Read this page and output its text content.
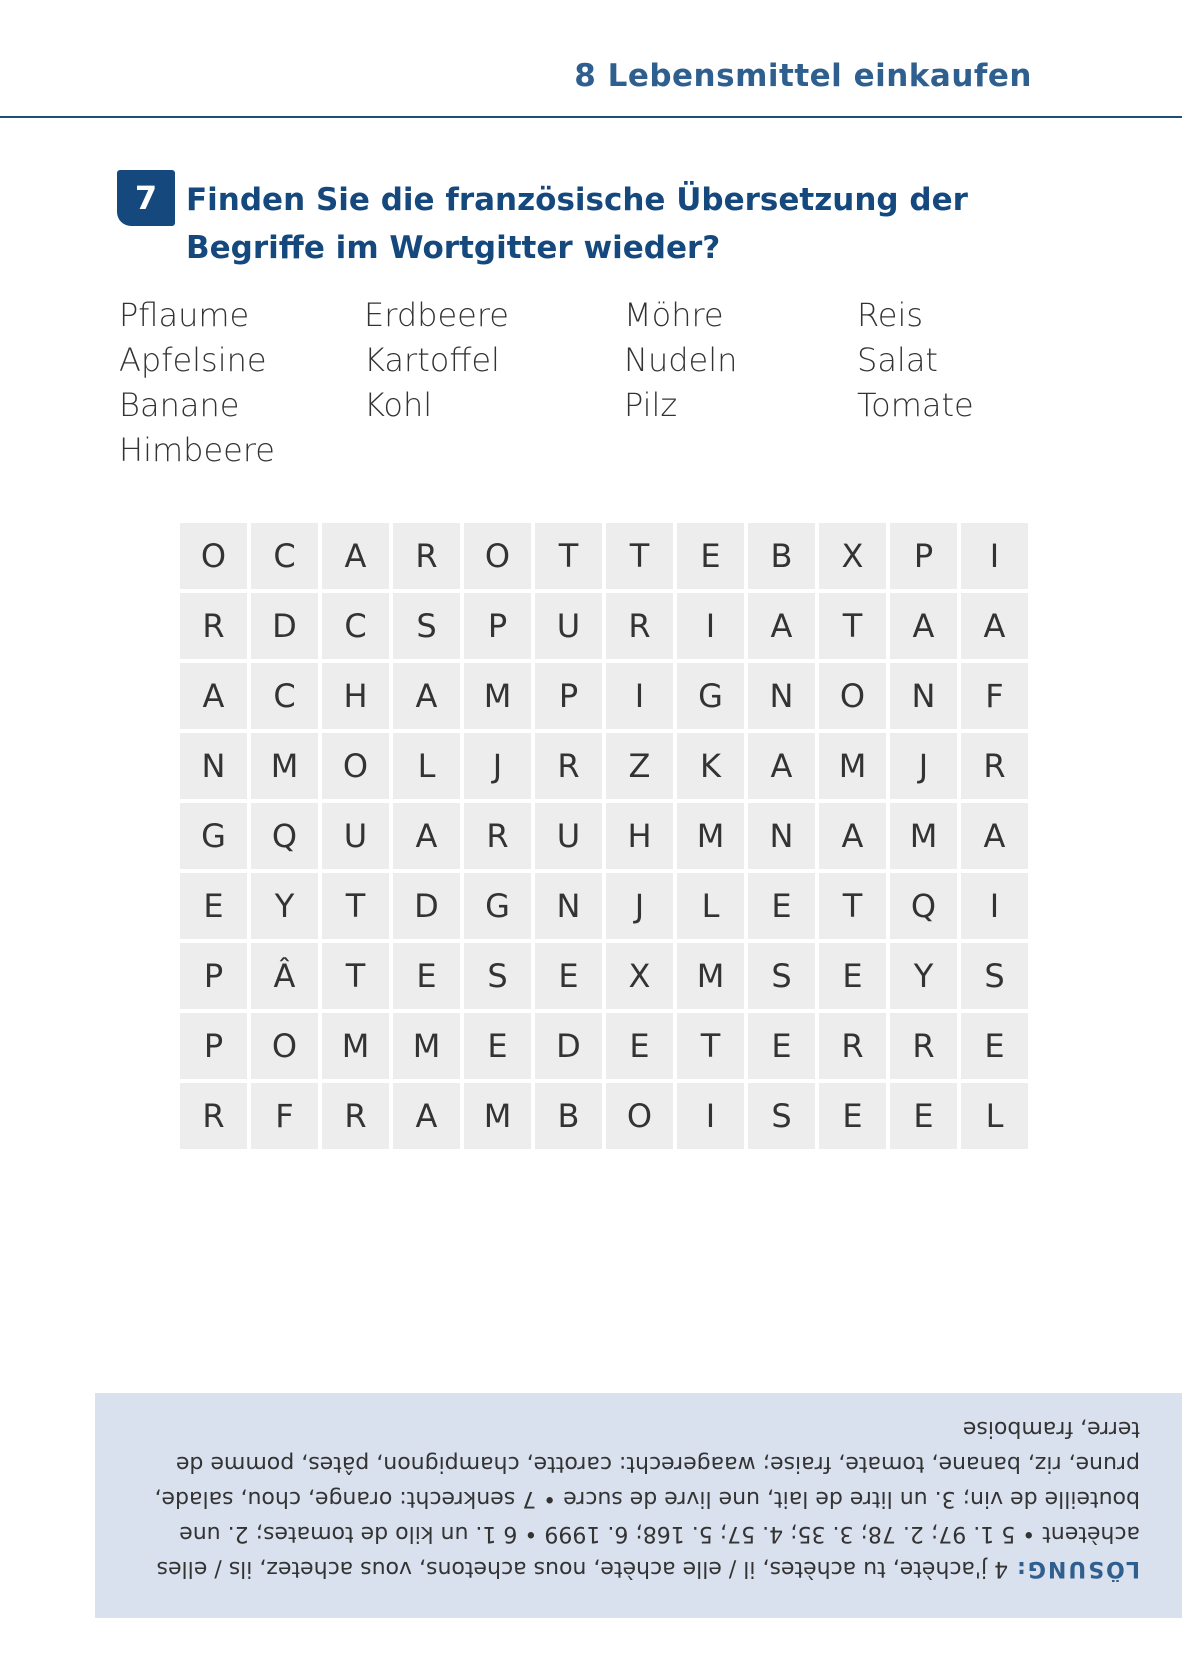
8 Lebensmittel einkaufen
7 Finden Sie die französische Übersetzung der Begriffe im Wortgitter wieder?
Pflaume
Apfelsine
Banane
Himbeere
Erdbeere
Kartoffel
Kohl
Möhre
Nudeln
Pilz
Reis
Salat
Tomate
O	C	A	R	O	T	T	E	B	X	P	I
R	D	C	S	P	U	R	I	A	T	A	A
A	C	H	A	M	P	I	G	N	O	N	F
N	M	O	L	J	R	Z	K	A	M	J	R
G	Q	U	A	R	U	H	M	N	A	M	A
E	Y	T	D	G	N	J	L	E	T	Q	I
P	Â	T	E	S	E	X	M	S	E	Y	S
P	O	M	M	E	D	E	T	E	R	R	E
R	F	R	A	M	B	O	I	S	E	E	L
LÖSUNG: 4 j'achète, tu achètes, il / elle achète, nous achetons, vous achetez, ils / elles achètent • 5 1. 97; 2. 78; 3. 35; 4. 57; 5. 168; 6. 1999 • 6 1. un kilo de tomates; 2. une bouteille de vin; 3. un litre de lait, une livre de sucre • 7 senkrecht: orange, chou, salade, prune, riz, banane, tomate, fraise; waagerecht: carotte, champignon, pâtes, pomme de terre, framboise
